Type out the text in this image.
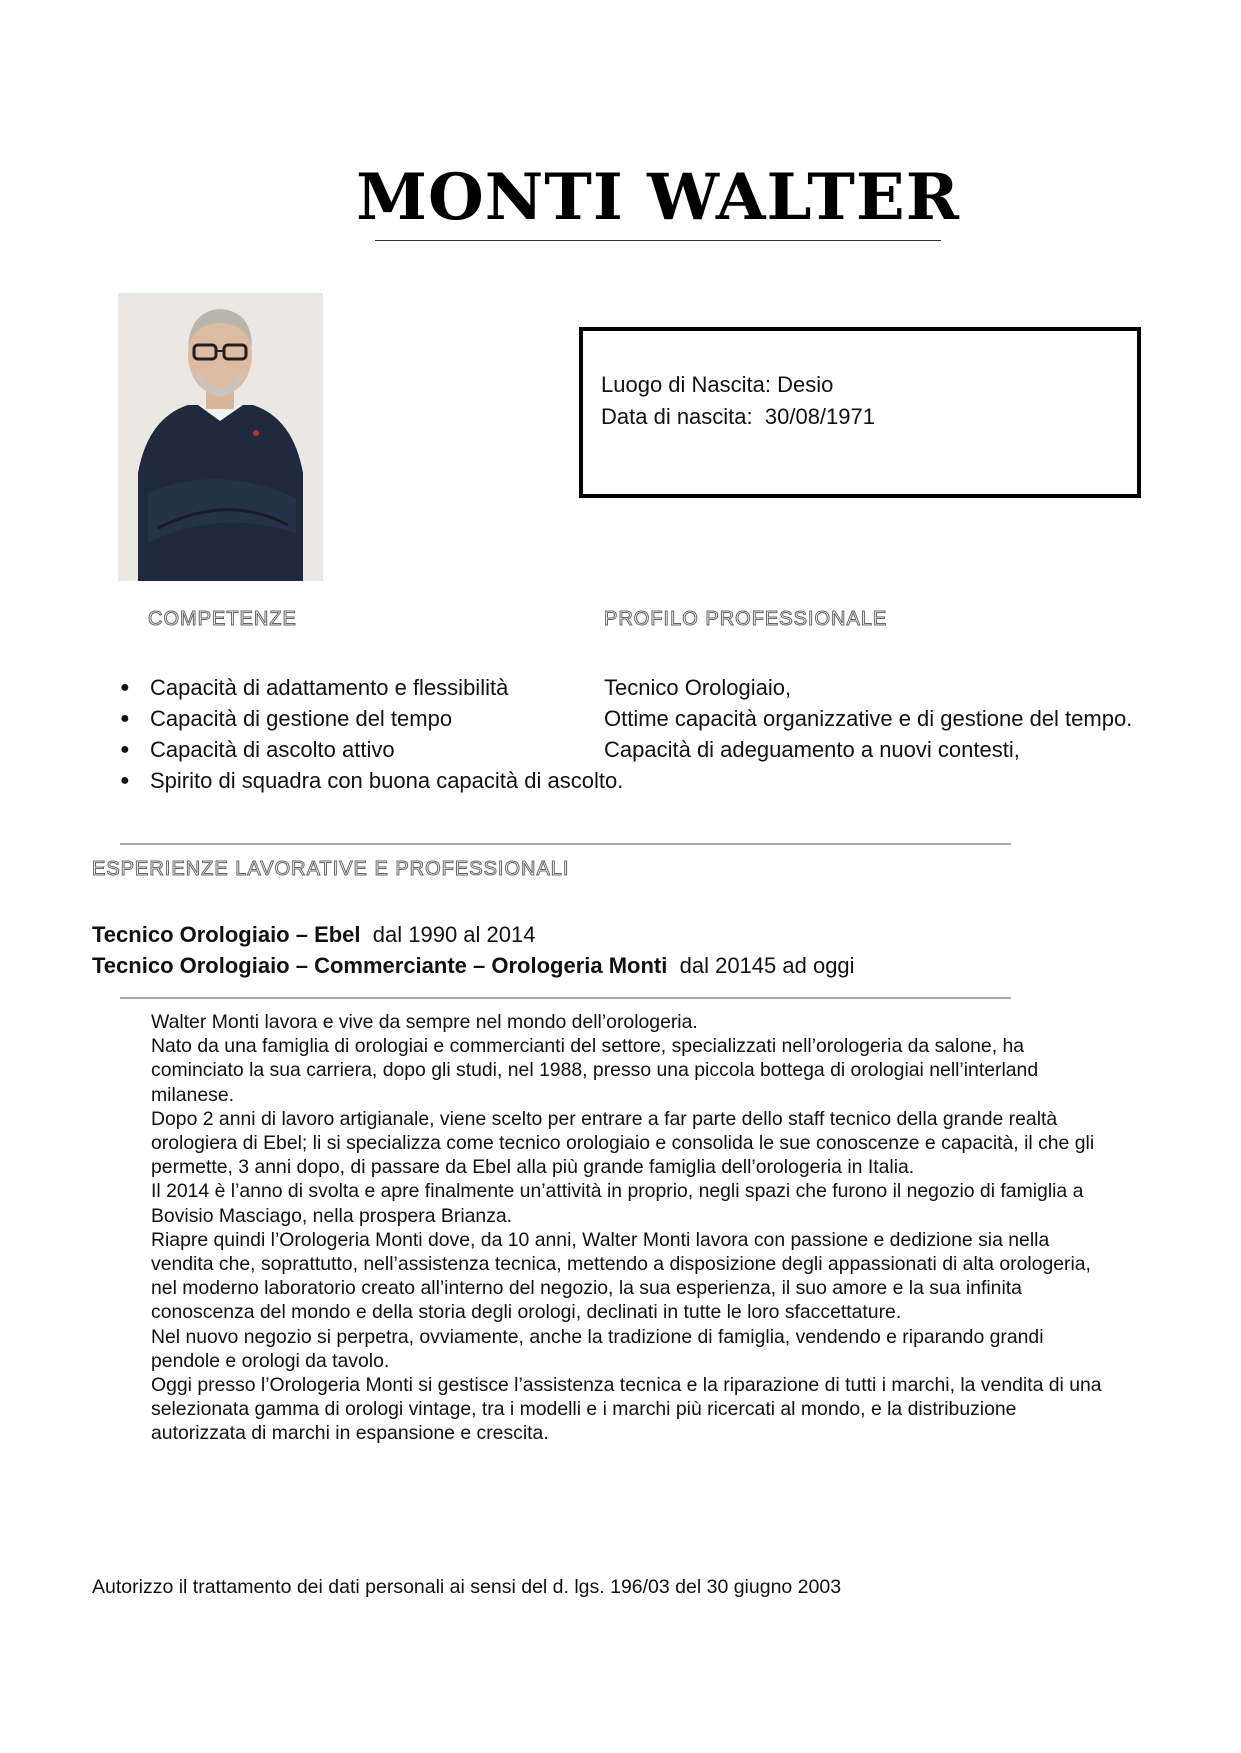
MONTI WALTER
Luogo di Nascita: Desio
Data di nascita: 30/08/1971
COMPETENZE	PROFILO PROFESSIONALE
● Capacità di adattamento e flessibilità
● Capacità di gestione del tempo
● Capacità di ascolto attivo
● Spirito di squadra con buona capacità di ascolto.
Tecnico Orologiaio,
Ottime capacità organizzative e di gestione del tempo.
Capacità di adeguamento a nuovi contesti,
ESPERIENZE LAVORATIVE E PROFESSIONALI
Tecnico Orologiaio – Ebel dal 1990 al 2014
Tecnico Orologiaio – Commerciante – Orologeria Monti dal 20145 ad oggi

Walter Monti lavora e vive da sempre nel mondo dell’orologeria.

Nato da una famiglia di orologiai e commercianti del settore, specializzati nell’orologeria da salone, ha cominciato la sua carriera, dopo gli studi, nel 1988, presso una piccola bottega di orologiai nell’interland milanese.

Dopo 2 anni di lavoro artigianale, viene scelto per entrare a far parte dello staff tecnico della grande realtà orologiera di Ebel; li si specializza come tecnico orologiaio e consolida le sue conoscenze e capacità, il che gli permette, 3 anni dopo, di passare da Ebel alla più grande famiglia dell’orologeria in Italia.

Il 2014 è l’anno di svolta e apre finalmente un’attività in proprio, negli spazi che furono il negozio di famiglia a Bovisio Masciago, nella prospera Brianza.

Riapre quindi l’Orologeria Monti dove, da 10 anni, Walter Monti lavora con passione e dedizione sia nella vendita che, soprattutto, nell’assistenza tecnica, mettendo a disposizione degli appassionati di alta orologeria, nel moderno laboratorio creato all’interno del negozio, la sua esperienza, il suo amore e la sua infinita conoscenza del mondo e della storia degli orologi, declinati in tutte le loro sfaccettature.

Nel nuovo negozio si perpetra, ovviamente, anche la tradizione di famiglia, vendendo e riparando grandi pendole e orologi da tavolo.

Oggi presso l’Orologeria Monti si gestisce l’assistenza tecnica e la riparazione di tutti i marchi, la vendita di una selezionata gamma di orologi vintage, tra i modelli e i marchi più ricercati al mondo, e la distribuzione autorizzata di marchi in espansione e crescita.

Autorizzo il trattamento dei dati personali ai sensi del d. lgs. 196/03 del 30 giugno 2003
